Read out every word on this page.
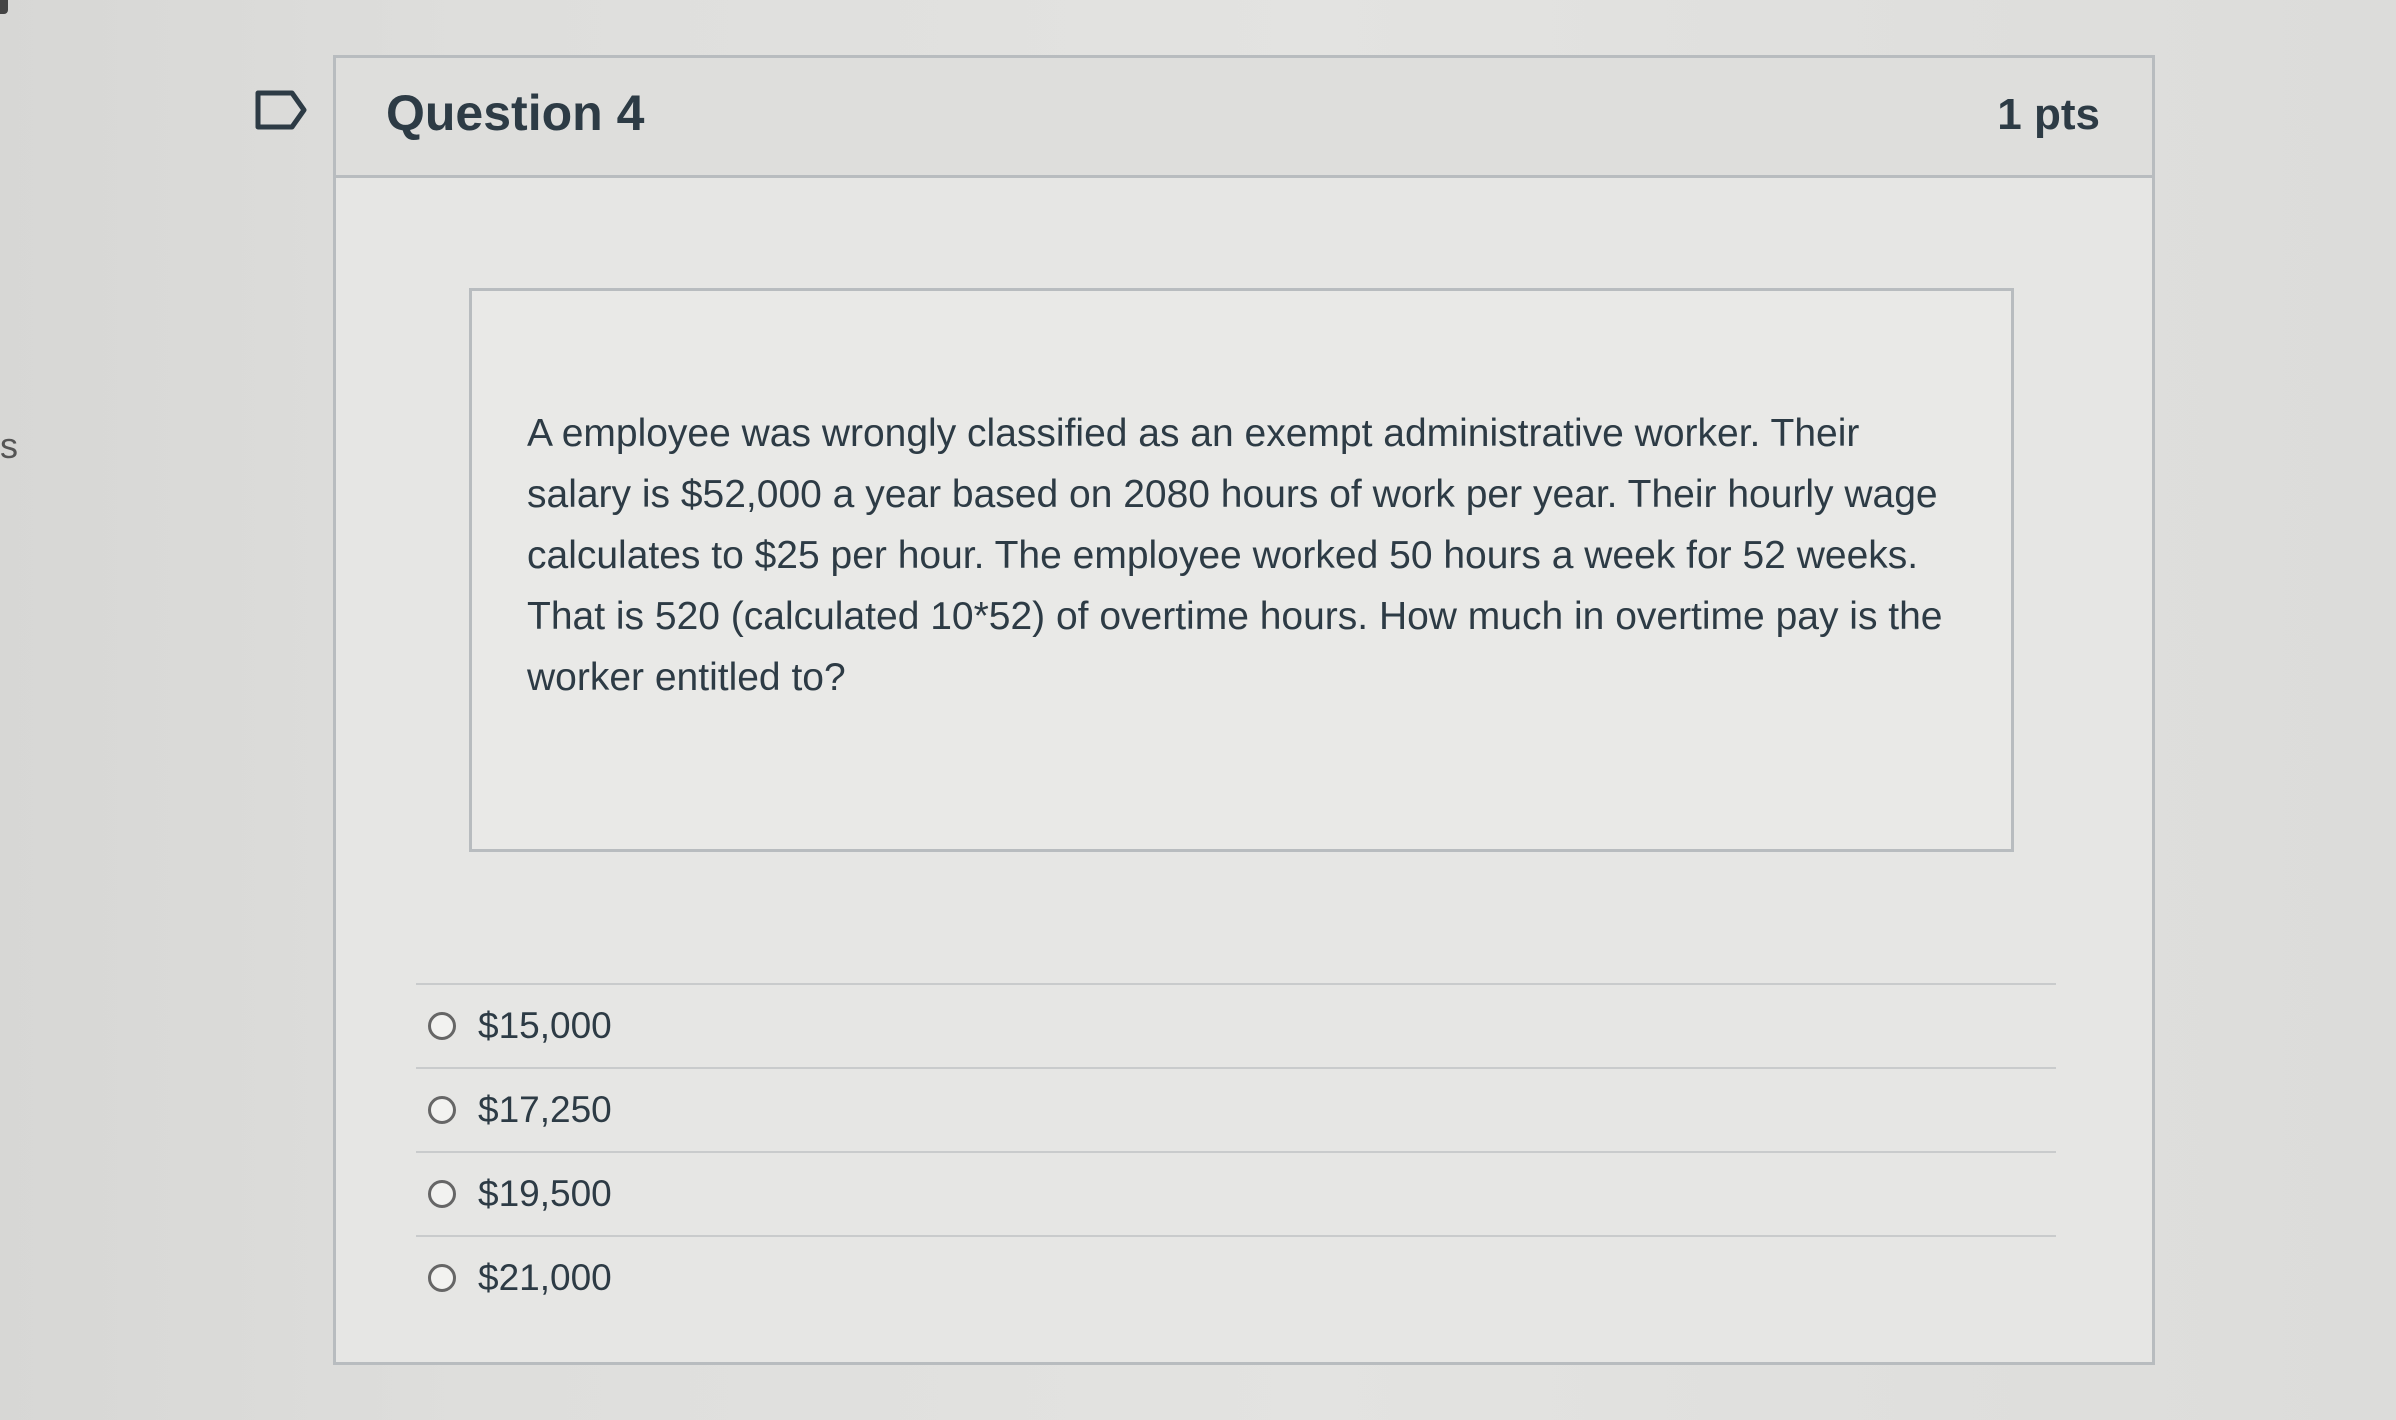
s
Question 4	1 pts

A employee was wrongly classified as an exempt administrative worker. Their salary is $52,000 a year based on 2080 hours of work per year. Their hourly wage calculates to $25 per hour. The employee worked 50 hours a week for 52 weeks. That is 520 (calculated 10*52) of overtime hours. How much in overtime pay is the worker entitled to?

$15,000
$17,250
$19,500
$21,000
